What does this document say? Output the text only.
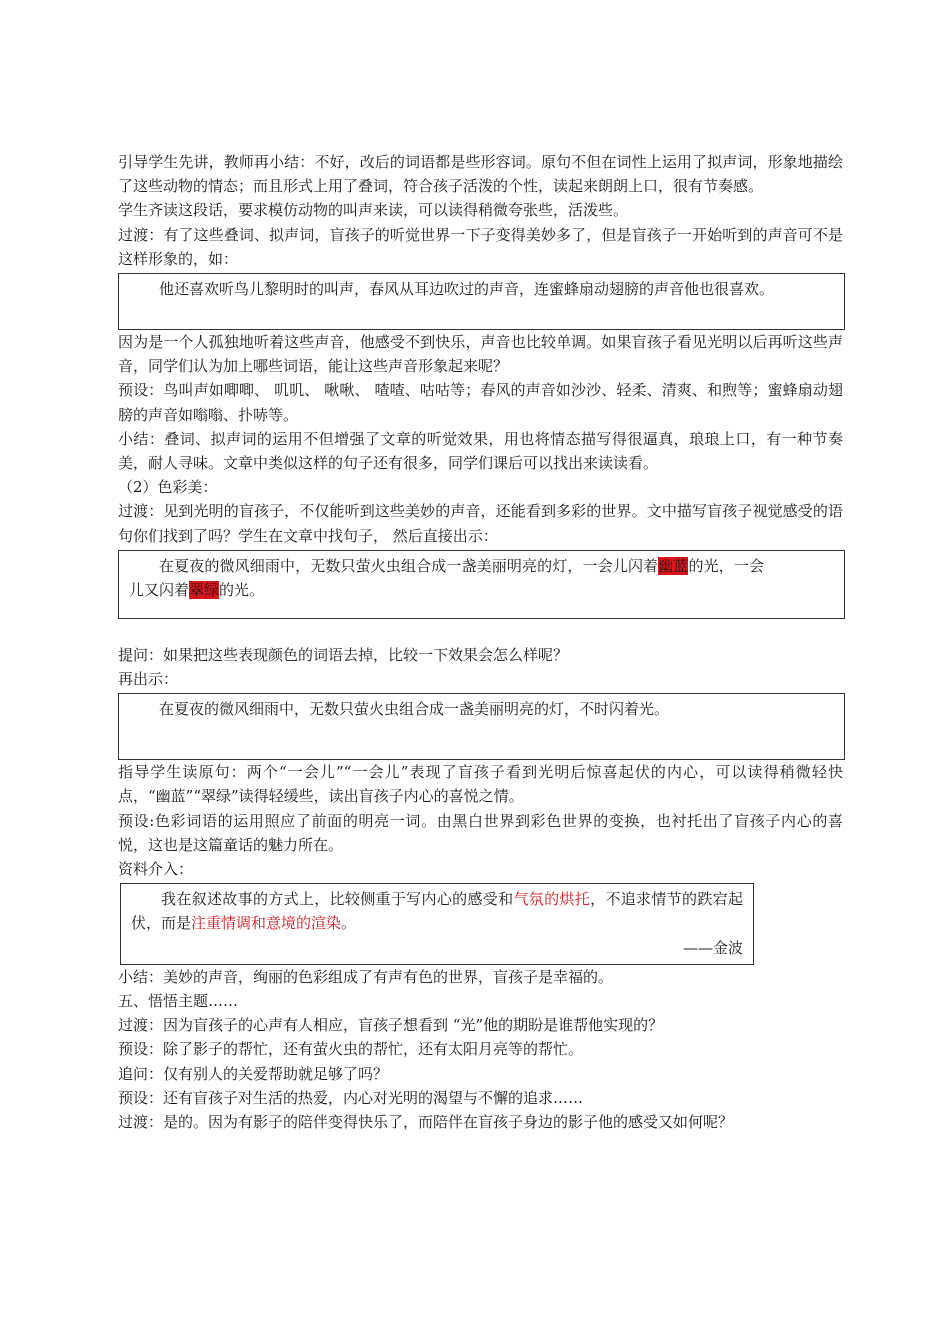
引导学生先讲，教师再小结：不好，改后的词语都是些形容词。原句不但在词性上运用了拟声词，形象地描绘了这些动物的情态；而且形式上用了叠词，符合孩子活泼的个性，读起来朗朗上口，很有节奏感。

学生齐读这段话，要求模仿动物的叫声来读，可以读得稍微夸张些，活泼些。

过渡：有了这些叠词、拟声词，盲孩子的听觉世界一下子变得美妙多了，但是盲孩子一开始听到的声音可不是这样形象的，如：

他还喜欢听鸟儿黎明时的叫声，春风从耳边吹过的声音，连蜜蜂扇动翅膀的声音他也很喜欢。

因为是一个人孤独地听着这些声音，他感受不到快乐，声音也比较单调。如果盲孩子看见光明以后再听这些声音，同学们认为加上哪些词语，能让这些声音形象起来呢？

预设：鸟叫声如唧唧、 叽叽、 啾啾、 喳喳、咕咕等；春风的声音如沙沙、轻柔、清爽、和煦等；蜜蜂扇动翅膀的声音如嗡嗡、扑哧等。

小结：叠词、拟声词的运用不但增强了文章的听觉效果，用也将情态描写得很逼真，琅琅上口，有一种节奏美，耐人寻味。文章中类似这样的句子还有很多，同学们课后可以找出来读读看。

（2）色彩美：

过渡：见到光明的盲孩子，不仅能听到这些美妙的声音，还能看到多彩的世界。文中描写盲孩子视觉感受的语句你们找到了吗？学生在文章中找句子， 然后直接出示：

在夏夜的微风细雨中，无数只萤火虫组合成一盏美丽明亮的灯，一会儿闪着幽蓝的光，一会儿又闪着翠绿的光。

提问：如果把这些表现颜色的词语去掉，比较一下效果会怎么样呢？

再出示：

在夏夜的微风细雨中，无数只萤火虫组合成一盏美丽明亮的灯，不时闪着光。

指导学生读原句：两个“一会儿”“一会儿”表现了盲孩子看到光明后惊喜起伏的内心，可以读得稍微轻快点，“幽蓝”“翠绿”读得轻缓些，读出盲孩子内心的喜悦之情。

预设:色彩词语的运用照应了前面的明亮一词。由黑白世界到彩色世界的变换，也衬托出了盲孩子内心的喜悦，这也是这篇童话的魅力所在。

资料介入：

我在叙述故事的方式上，比较侧重于写内心的感受和气氛的烘托，不追求情节的跌宕起伏，而是注重情调和意境的渲染。

——金波

小结：美妙的声音，绚丽的色彩组成了有声有色的世界，盲孩子是幸福的。

五、悟悟主题……

过渡：因为盲孩子的心声有人相应，盲孩子想看到 “光”他的期盼是谁帮他实现的？

预设：除了影子的帮忙，还有萤火虫的帮忙，还有太阳月亮等的帮忙。

追问：仅有别人的关爱帮助就足够了吗？

预设：还有盲孩子对生活的热爱，内心对光明的渴望与不懈的追求……

过渡：是的。因为有影子的陪伴变得快乐了，而陪伴在盲孩子身边的影子他的感受又如何呢？
